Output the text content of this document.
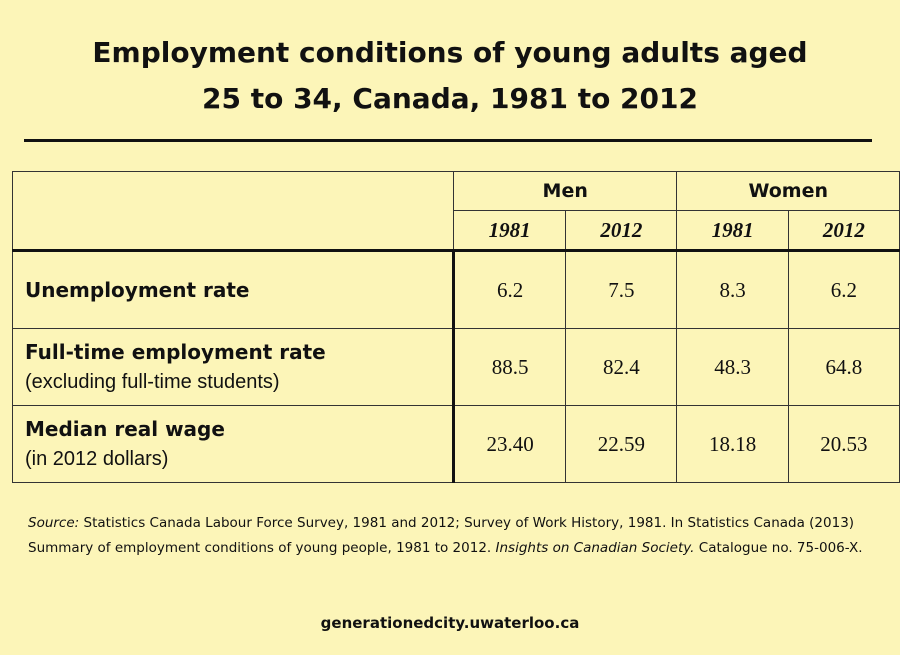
Employment conditions of young adults aged
25 to 34, Canada, 1981 to 2012
	Men		Women	
	1981	2012	1981	2012

Unemployment rate	6.2	7.5	8.3	6.2

Full-time employment rate
(excluding full-time students)	88.5	82.4	48.3	64.8

Median real wage
(in 2012 dollars)	23.40	22.59	18.18	20.53
Source: Statistics Canada Labour Force Survey, 1981 and 2012; Survey of Work History, 1981. In Statistics Canada (2013) Summary of employment conditions of young people, 1981 to 2012. Insights on Canadian Society. Catalogue no. 75-006-X.
generationedcity.uwaterloo.ca
